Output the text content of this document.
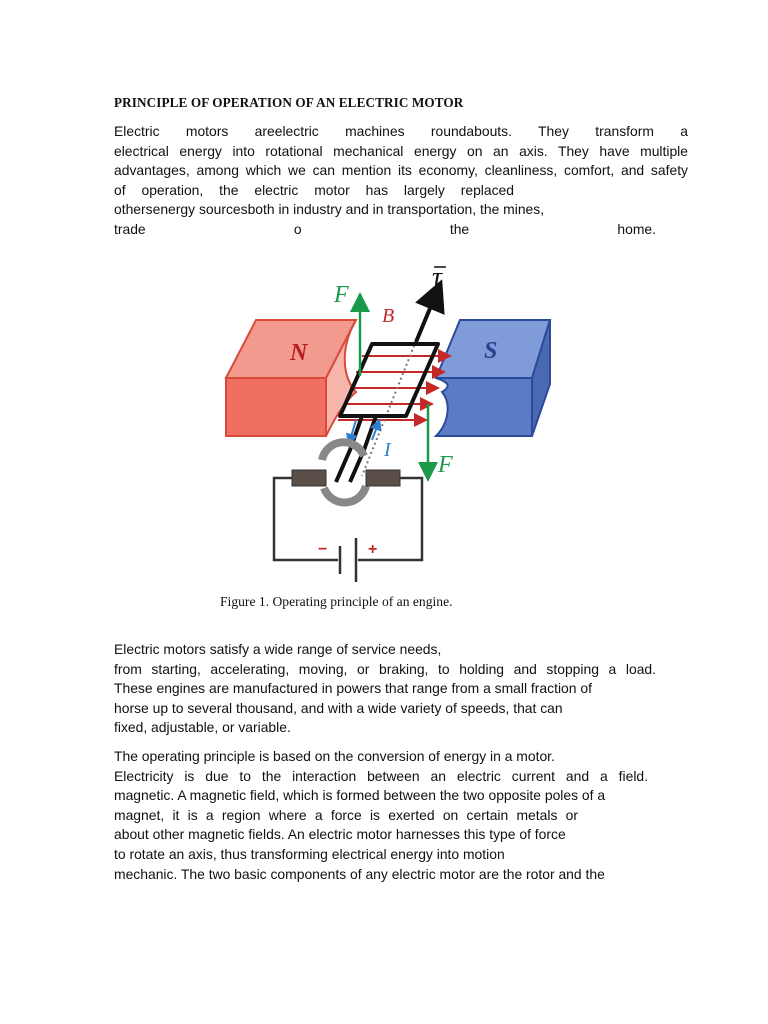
PRINCIPLE OF OPERATION OF AN ELECTRIC MOTOR
Electric motors areelectric machines roundabouts. They transform a
electrical energy into rotational mechanical energy on an axis. They have multiple
advantages, among which we can mention its economy, cleanliness, comfort, and safety
of operation, the electric motor has largely replaced
othersenergy sourcesboth in industry and in transportation, the mines,
trade o the home.
N	S
τ
F
F
B
I
−	+

Figure 1. Operating principle of an engine.

Electric motors satisfy a wide range of service needs,
from starting, accelerating, moving, or braking, to holding and stopping a load.
These engines are manufactured in powers that range from a small fraction of
horse up to several thousand, and with a wide variety of speeds, that can
fixed, adjustable, or variable.
The operating principle is based on the conversion of energy in a motor.
Electricity is due to the interaction between an electric current and a field.
magnetic. A magnetic field, which is formed between the two opposite poles of a
magnet, it is a region where a force is exerted on certain metals or
about other magnetic fields. An electric motor harnesses this type of force
to rotate an axis, thus transforming electrical energy into motion
mechanic. The two basic components of any electric motor are the rotor and the
